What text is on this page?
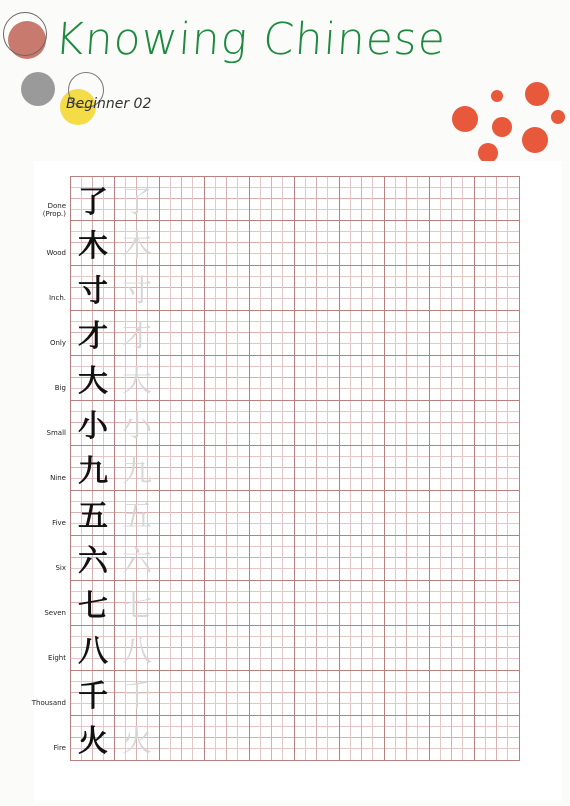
Knowing Chinese
Beginner 02
了 了
木 木
寸 寸
才 才
大 大
小 小
九 九
五 五
六 六
七 七
八 八
千 千
火 火
Done
(Prop.)
Wood
Inch.
Only
Big
Small
Nine
Five
Six
Seven
Eight
Thousand
Fire
